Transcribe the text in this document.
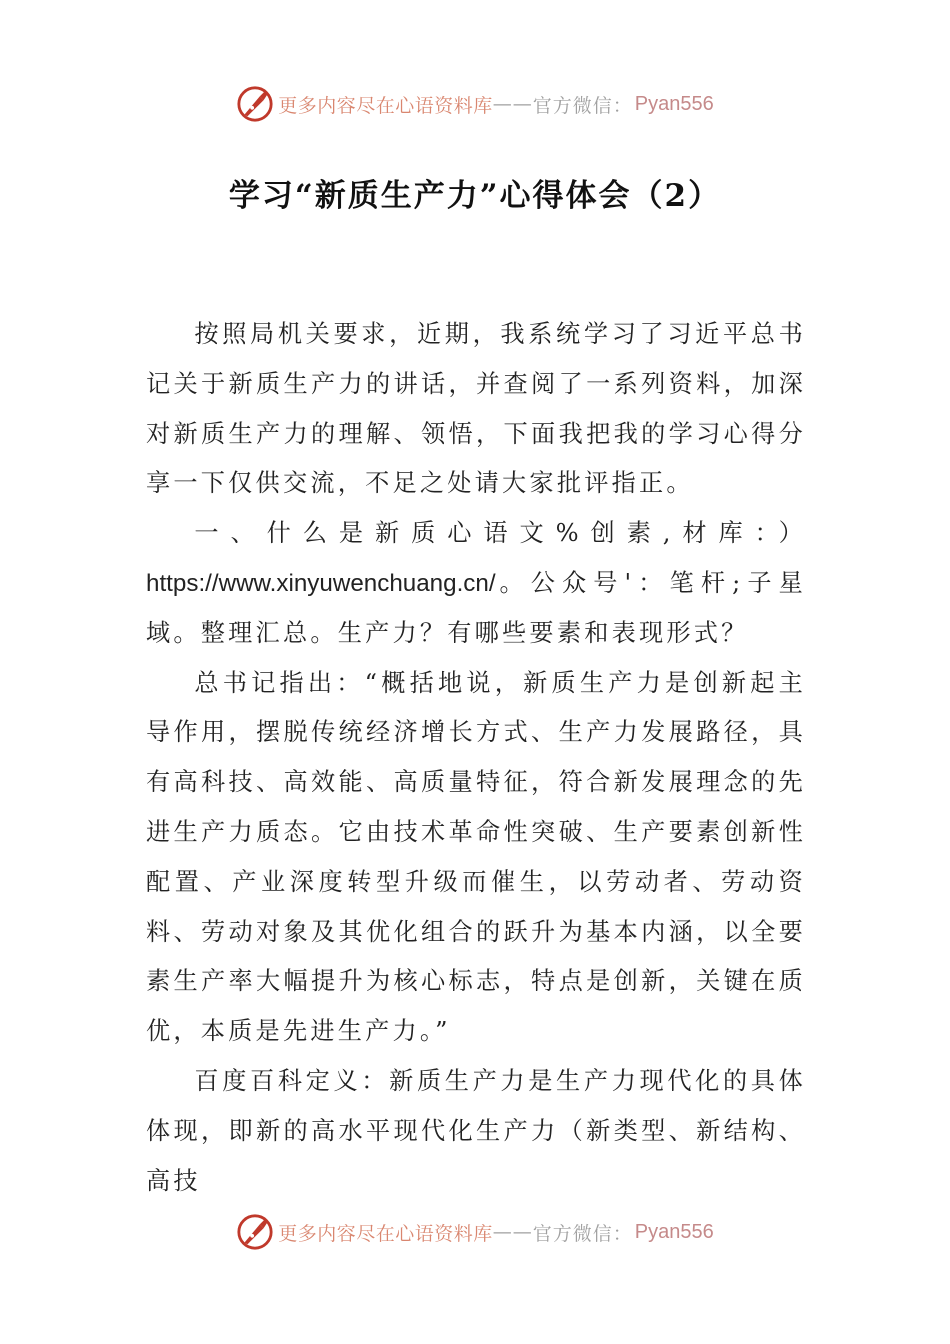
更多内容尽在心语资料库 —— 官方微信： Pyan556
学习“新质生产力”心得体会（2）

按照局机关要求，近期，我系统学习了习近平总书记关于新质生产力的讲话，并查阅了一系列资料，加深对新质生产力的理解、领悟，下面我把我的学习心得分享一下仅供交流，不足之处请大家批评指正。

一、什么是新质心语文%创素,材库：）https://www.xinyuwenchuang.cn/。公众号'：笔杆;子星域。整理汇总。生产力？有哪些要素和表现形式？

总书记指出：“概括地说，新质生产力是创新起主导作用，摆脱传统经济增长方式、生产力发展路径，具有高科技、高效能、高质量特征，符合新发展理念的先进生产力质态。它由技术革命性突破、生产要素创新性配置、产业深度转型升级而催生，以劳动者、劳动资料、劳动对象及其优化组合的跃升为基本内涵，以全要素生产率大幅提升为核心标志，特点是创新，关键在质优，本质是先进生产力。”

百度百科定义：新质生产力是生产力现代化的具体体现，即新的高水平现代化生产力（新类型、新结构、高技

更多内容尽在心语资料库 —— 官方微信： Pyan556
